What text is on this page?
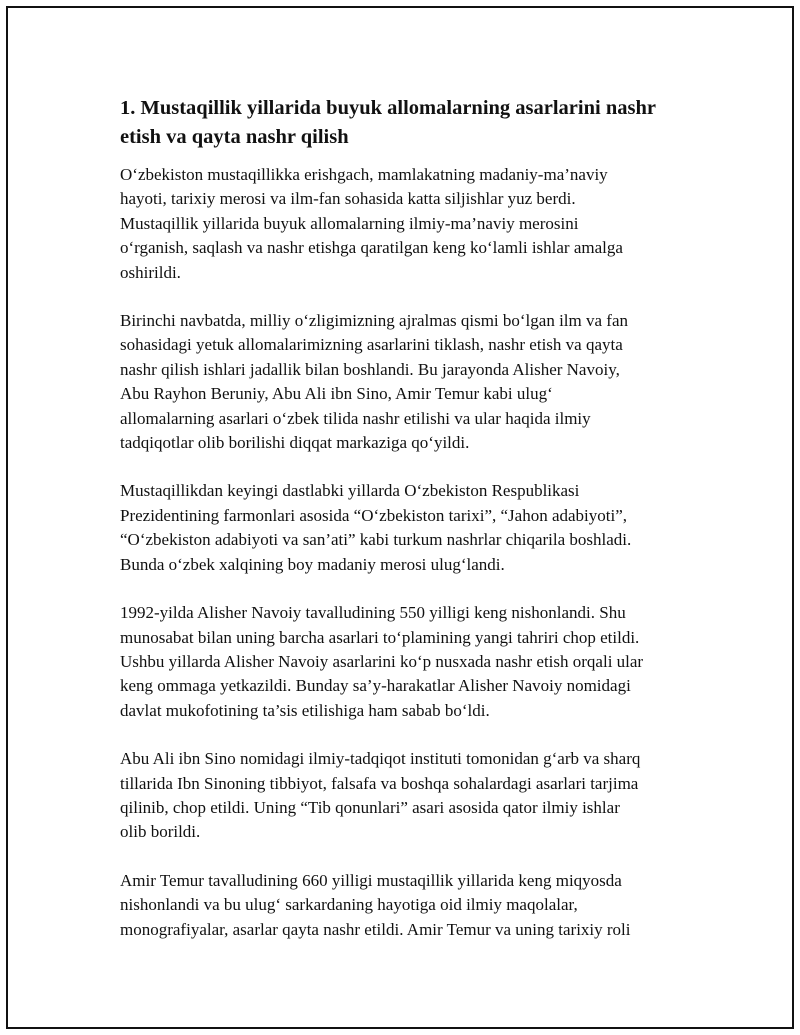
1. Mustaqillik yillarida buyuk allomalarning asarlarini nashr
etish va qayta nashr qilish

O‘zbekiston mustaqillikka erishgach, mamlakatning madaniy-ma’naviy
hayoti, tarixiy merosi va ilm-fan sohasida katta siljishlar yuz berdi.
Mustaqillik yillarida buyuk allomalarning ilmiy-ma’naviy merosini
o‘rganish, saqlash va nashr etishga qaratilgan keng ko‘lamli ishlar amalga
oshirildi.

Birinchi navbatda, milliy o‘zligimizning ajralmas qismi bo‘lgan ilm va fan
sohasidagi yetuk allomalarimizning asarlarini tiklash, nashr etish va qayta
nashr qilish ishlari jadallik bilan boshlandi. Bu jarayonda Alisher Navoiy,
Abu Rayhon Beruniy, Abu Ali ibn Sino, Amir Temur kabi ulug‘
allomalarning asarlari o‘zbek tilida nashr etilishi va ular haqida ilmiy
tadqiqotlar olib borilishi diqqat markaziga qo‘yildi.

Mustaqillikdan keyingi dastlabki yillarda O‘zbekiston Respublikasi
Prezidentining farmonlari asosida “O‘zbekiston tarixi”, “Jahon adabiyoti”,
“O‘zbekiston adabiyoti va san’ati” kabi turkum nashrlar chiqarila boshladi.
Bunda o‘zbek xalqining boy madaniy merosi ulug‘landi.

1992-yilda Alisher Navoiy tavalludining 550 yilligi keng nishonlandi. Shu
munosabat bilan uning barcha asarlari to‘plamining yangi tahriri chop etildi.
Ushbu yillarda Alisher Navoiy asarlarini ko‘p nusxada nashr etish orqali ular
keng ommaga yetkazildi. Bunday sa’y-harakatlar Alisher Navoiy nomidagi
davlat mukofotining ta’sis etilishiga ham sabab bo‘ldi.

Abu Ali ibn Sino nomidagi ilmiy-tadqiqot instituti tomonidan g‘arb va sharq
tillarida Ibn Sinoning tibbiyot, falsafa va boshqa sohalardagi asarlari tarjima
qilinib, chop etildi. Uning “Tib qonunlari” asari asosida qator ilmiy ishlar
olib borildi.

Amir Temur tavalludining 660 yilligi mustaqillik yillarida keng miqyosda
nishonlandi va bu ulug‘ sarkardaning hayotiga oid ilmiy maqolalar,
monografiyalar, asarlar qayta nashr etildi. Amir Temur va uning tarixiy roli
